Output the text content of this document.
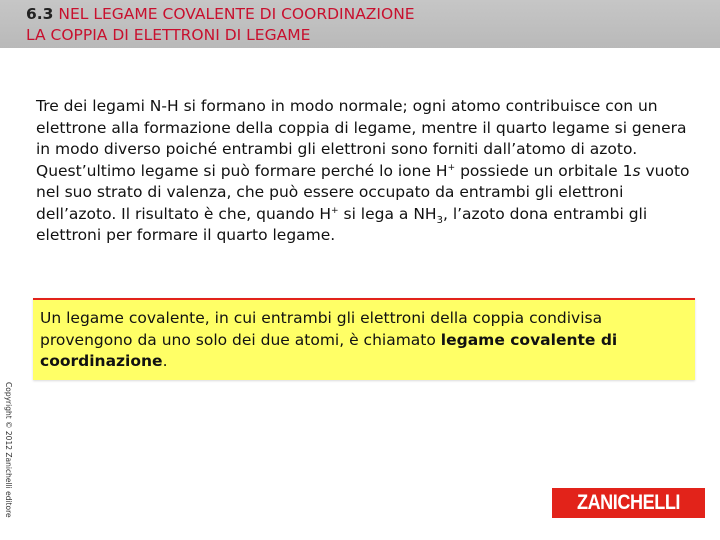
6.3 NEL LEGAME COVALENTE DI COORDINAZIONE
LA COPPIA DI ELETTRONI DI LEGAME

Tre dei legami N-H si formano in modo normale; ogni atomo contribuisce con un elettrone alla formazione della coppia di legame, mentre il quarto legame si genera in modo diverso poiché entrambi gli elettroni sono forniti dall’atomo di azoto.

Quest’ultimo legame si può formare perché lo ione H+ possiede un orbitale 1s vuoto nel suo strato di valenza, che può essere occupato da entrambi gli elettroni dell’azoto. Il risultato è che, quando H+ si lega a $NH_3$, l’azoto dona entrambi gli elettroni per formare il quarto legame.

Un legame covalente, in cui entrambi gli elettroni della coppia condivisa provengono da uno solo dei due atomi, è chiamato legame covalente di coordinazione.
Copyright © 2012 Zanichelli editore	ZANICHELLI
